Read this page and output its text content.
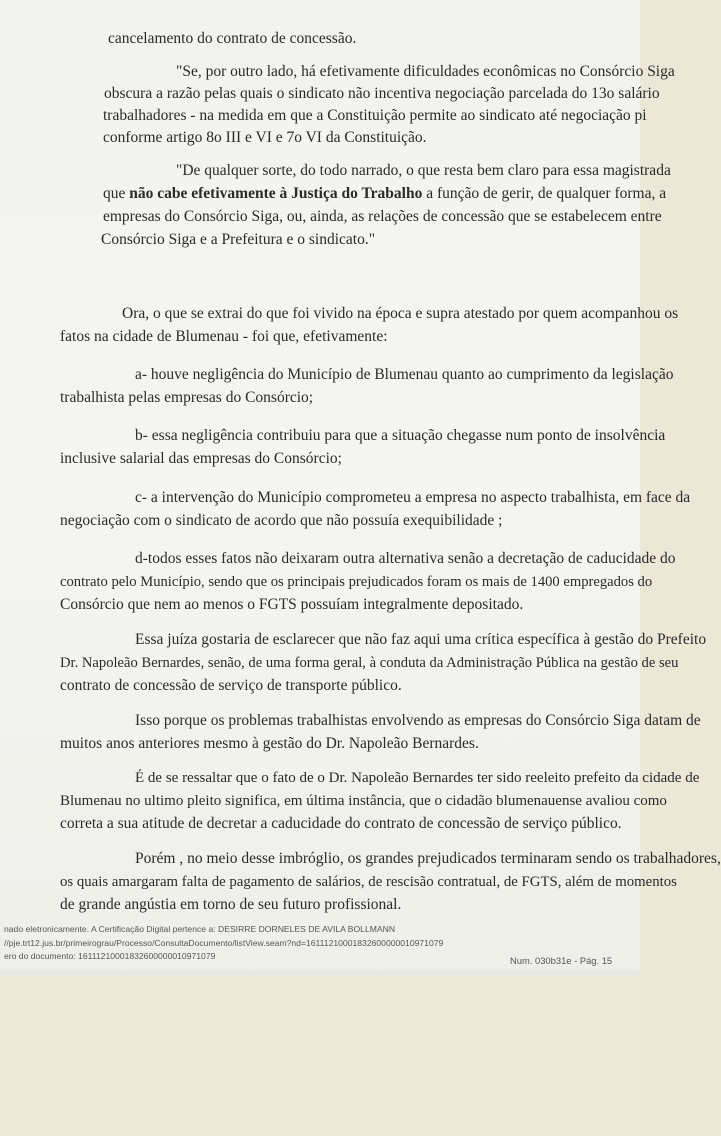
cancelamento do contrato de concessão.
"Se, por outro lado, há efetivamente dificuldades econômicas no Consórcio Siga
obscura a razão pelas quais o sindicato não incentiva negociação parcelada do 13o salário
trabalhadores - na medida em que a Constituição permite ao sindicato até negociação pi
conforme artigo 8o III e VI e 7o VI da Constituição.
"De qualquer sorte, do todo narrado, o que resta bem claro para essa magistrada
que não cabe efetivamente à Justiça do Trabalho a função de gerir, de qualquer forma, a
empresas do Consórcio Siga, ou, ainda, as relações de concessão que se estabelecem entre
Consórcio Siga e a Prefeitura e o sindicato."
Ora, o que se extrai do que foi vivido na época e supra atestado por quem acompanhou os
fatos na cidade de Blumenau - foi que, efetivamente:
a- houve negligência do Município de Blumenau quanto ao cumprimento da legislação
trabalhista pelas empresas do Consórcio;
b- essa negligência contribuiu para que a situação chegasse num ponto de insolvência
inclusive salarial das empresas do Consórcio;
c- a intervenção do Município comprometeu a empresa no aspecto trabalhista, em face da
negociação com o sindicato de acordo que não possuía exequibilidade ;
d-todos esses fatos não deixaram outra alternativa senão a decretação de caducidade do
contrato pelo Município, sendo que os principais prejudicados foram os mais de 1400 empregados do
Consórcio que nem ao menos o FGTS possuíam integralmente depositado.
Essa juíza gostaria de esclarecer que não faz aqui uma crítica específica à gestão do Prefeito
Dr. Napoleão Bernardes, senão, de uma forma geral, à conduta da Administração Pública na gestão de seu
contrato de concessão de serviço de transporte público.
Isso porque os problemas trabalhistas envolvendo as empresas do Consórcio Siga datam de
muitos anos anteriores mesmo à gestão do Dr. Napoleão Bernardes.
É de se ressaltar que o fato de o Dr. Napoleão Bernardes ter sido reeleito prefeito da cidade de
Blumenau no ultimo pleito significa, em última instância, que o cidadão blumenauense avaliou como
correta a sua atitude de decretar a caducidade do contrato de concessão de serviço público.
Porém , no meio desse imbróglio, os grandes prejudicados terminaram sendo os trabalhadores,
os quais amargaram falta de pagamento de salários, de rescisão contratual, de FGTS, além de momentos
de grande angústia em torno de seu futuro profissional.
nado eletronicamente. A Certificação Digital pertence a: DESIRRE DORNELES DE AVILA BOLLMANN
//pje.trt12.jus.br/primeirograu/Processo/ConsultaDocumento/listView.seam?nd=16111210001832600000010971079
ero do documento: 16111210001832600000010971079	Num. 030b31e - Pág. 15
